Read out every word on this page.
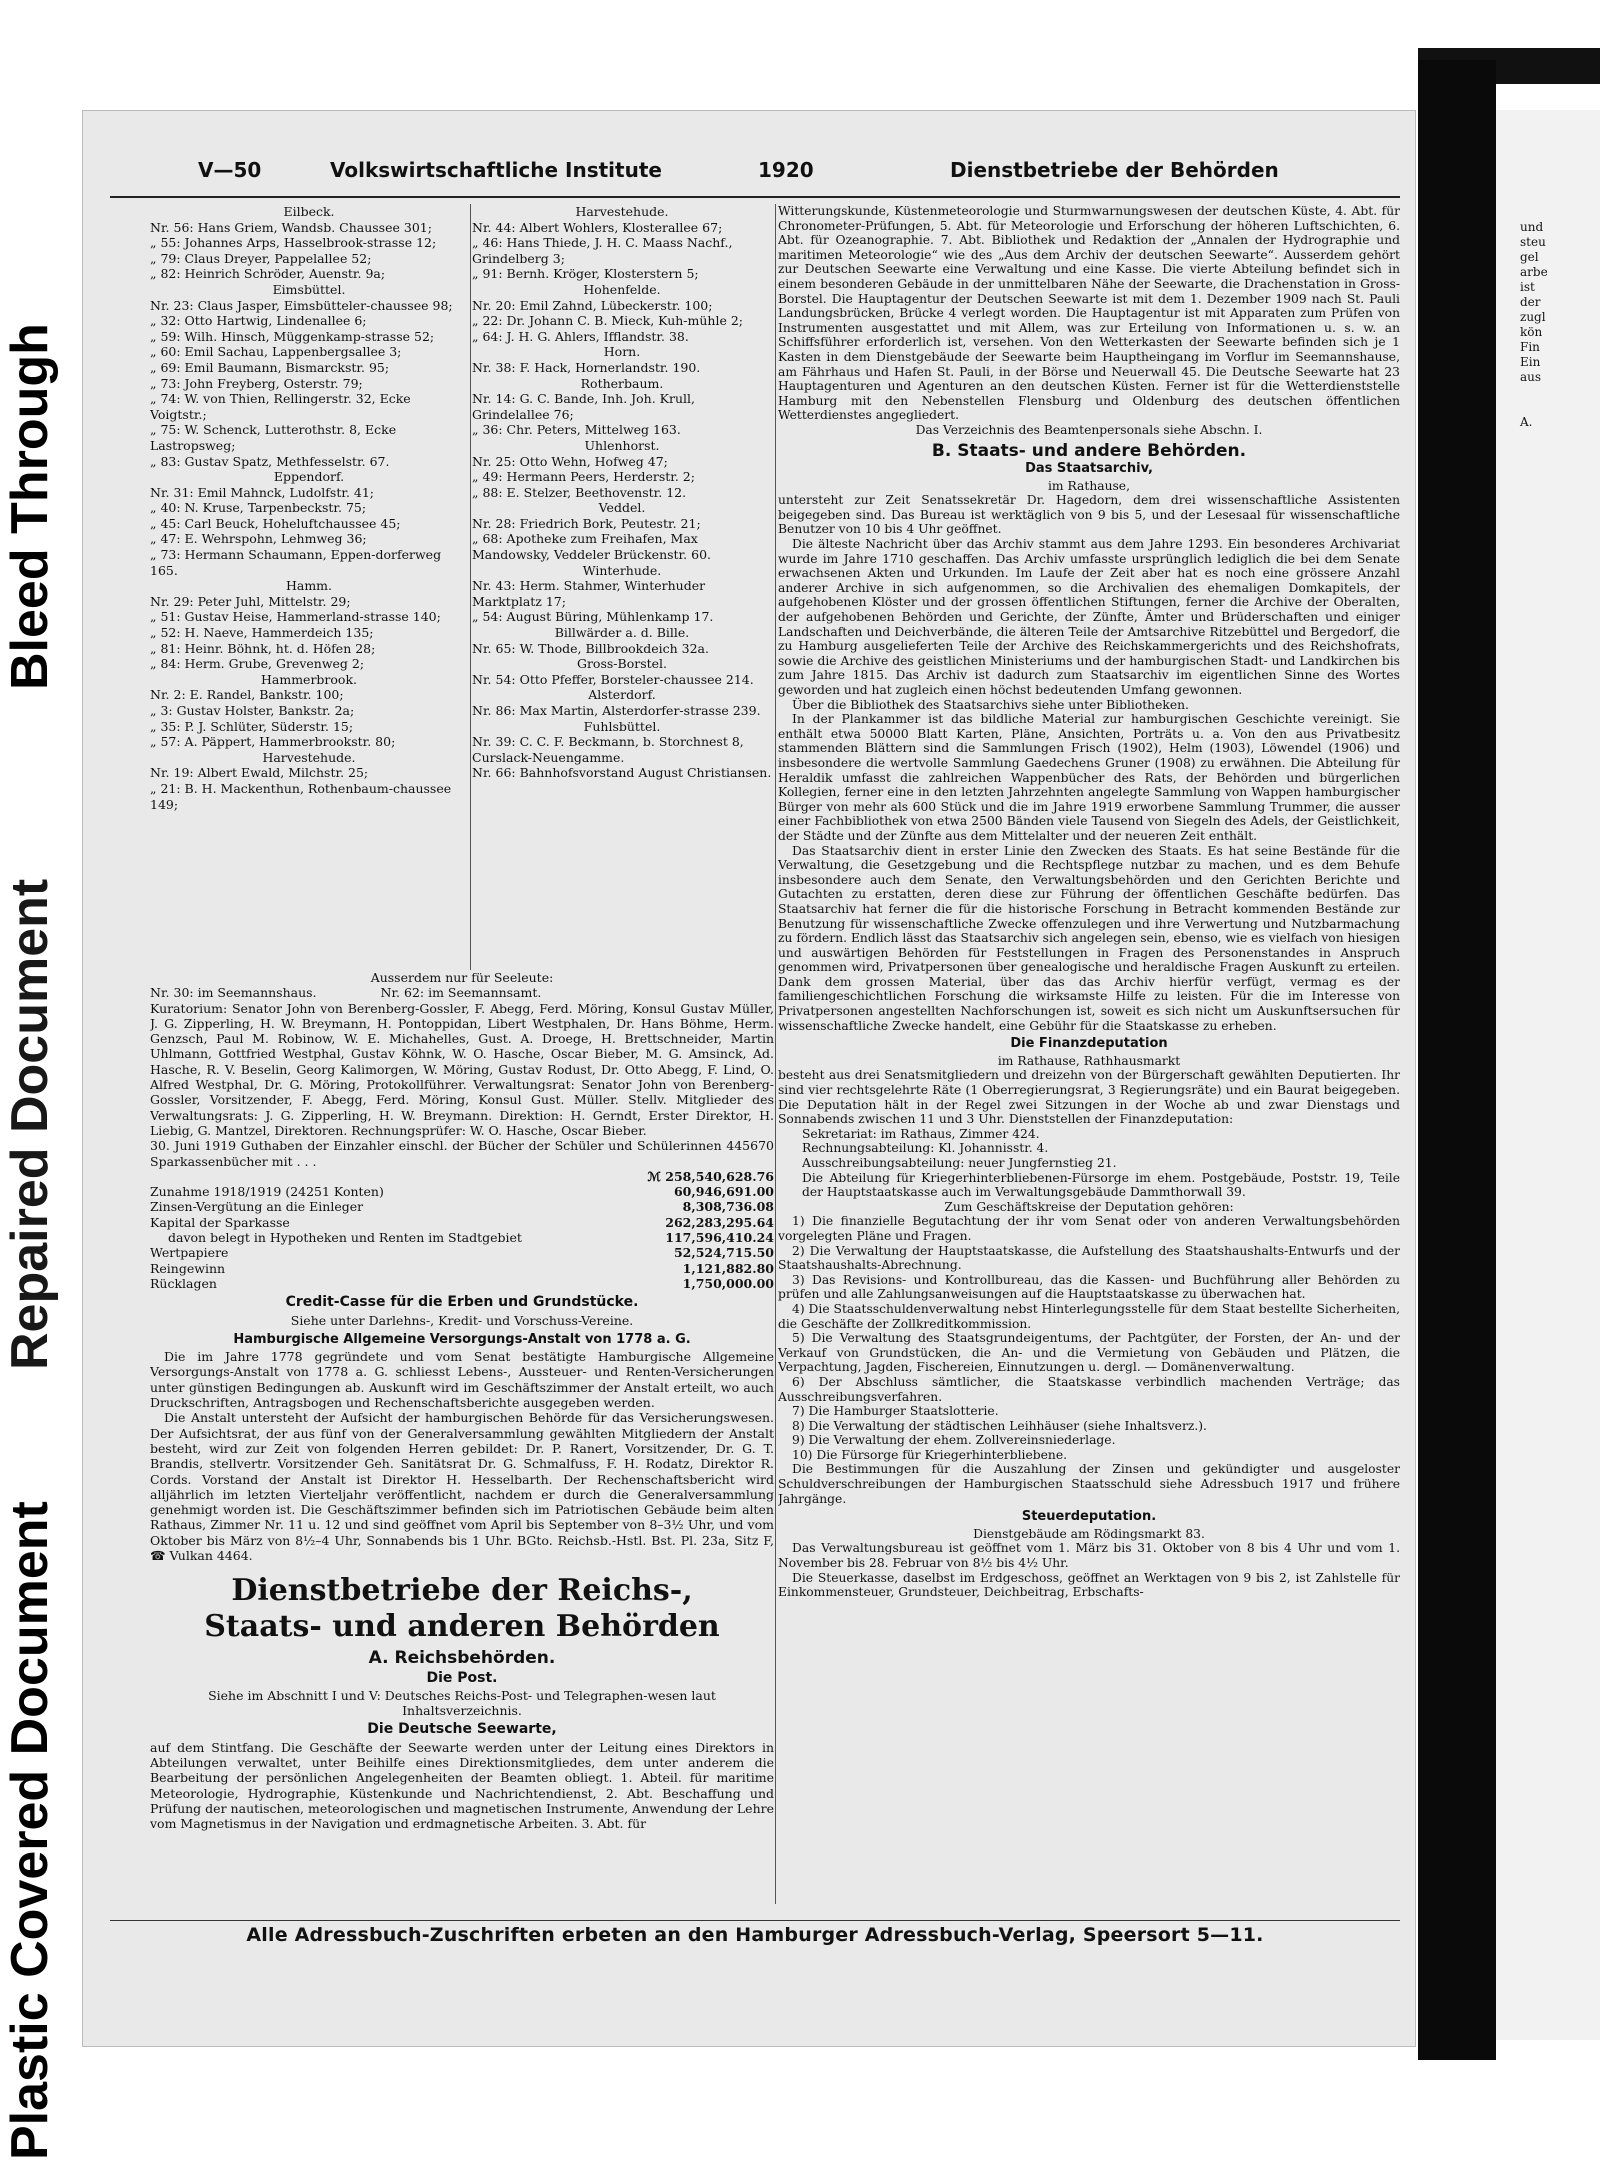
Bleed Through
Repaired Document
Plastic Covered Document

und

steu

gel

arbe

ist

der

zugl

kön

Fin

Ein

aus

A.

V—50	Volkswirtschaftliche Institute	1920	Dienstbetriebe der Behörden

Eilbeck.

Nr. 56: Hans Griem, Wandsb. Chaussee 301;

„ 55: Johannes Arps, Hasselbrook-strasse 12;

„ 79: Claus Dreyer, Pappelallee 52;

„ 82: Heinrich Schröder, Auenstr. 9a;

Eimsbüttel.

Nr. 23: Claus Jasper, Eimsbütteler-chaussee 98;

„ 32: Otto Hartwig, Lindenallee 6;

„ 59: Wilh. Hinsch, Müggenkamp-strasse 52;

„ 60: Emil Sachau, Lappenbergsallee 3;

„ 69: Emil Baumann, Bismarckstr. 95;

„ 73: John Freyberg, Osterstr. 79;

„ 74: W. von Thien, Rellingerstr. 32, Ecke Voigtstr.;

„ 75: W. Schenck, Lutterothstr. 8, Ecke Lastropsweg;

„ 83: Gustav Spatz, Methfesselstr. 67.

Eppendorf.

Nr. 31: Emil Mahnck, Ludolfstr. 41;

„ 40: N. Kruse, Tarpenbeckstr. 75;

„ 45: Carl Beuck, Hoheluftchaussee 45;

„ 47: E. Wehrspohn, Lehmweg 36;

„ 73: Hermann Schaumann, Eppen-dorferweg 165.

Hamm.

Nr. 29: Peter Juhl, Mittelstr. 29;

„ 51: Gustav Heise, Hammerland-strasse 140;

„ 52: H. Naeve, Hammerdeich 135;

„ 81: Heinr. Böhnk, ht. d. Höfen 28;

„ 84: Herm. Grube, Grevenweg 2;

Hammerbrook.

Nr. 2: E. Randel, Bankstr. 100;

„ 3: Gustav Holster, Bankstr. 2a;

„ 35: P. J. Schlüter, Süderstr. 15;

„ 57: A. Päppert, Hammerbrookstr. 80;

Harvestehude.

Nr. 19: Albert Ewald, Milchstr. 25;

„ 21: B. H. Mackenthun, Rothenbaum-chaussee 149;

Harvestehude.

Nr. 44: Albert Wohlers, Klosterallee 67;

„ 46: Hans Thiede, J. H. C. Maass Nachf., Grindelberg 3;

„ 91: Bernh. Kröger, Klosterstern 5;

Hohenfelde.

Nr. 20: Emil Zahnd, Lübeckerstr. 100;

„ 22: Dr. Johann C. B. Mieck, Kuh-mühle 2;

„ 64: J. H. G. Ahlers, Ifflandstr. 38.

Horn.

Nr. 38: F. Hack, Hornerlandstr. 190.

Rotherbaum.

Nr. 14: G. C. Bande, Inh. Joh. Krull, Grindelallee 76;

„ 36: Chr. Peters, Mittelweg 163.

Uhlenhorst.

Nr. 25: Otto Wehn, Hofweg 47;

„ 49: Hermann Peers, Herderstr. 2;

„ 88: E. Stelzer, Beethovenstr. 12.

Veddel.

Nr. 28: Friedrich Bork, Peutestr. 21;

„ 68: Apotheke zum Freihafen, Max Mandowsky, Veddeler Brückenstr. 60.

Winterhude.

Nr. 43: Herm. Stahmer, Winterhuder Marktplatz 17;

„ 54: August Büring, Mühlenkamp 17.

Billwärder a. d. Bille.

Nr. 65: W. Thode, Billbrookdeich 32a.

Gross-Borstel.

Nr. 54: Otto Pfeffer, Borsteler-chaussee 214.

Alsterdorf.

Nr. 86: Max Martin, Alsterdorfer-strasse 239.

Fuhlsbüttel.

Nr. 39: C. C. F. Beckmann, b. Storchnest 8, Curslack-Neuengamme.

Nr. 66: Bahnhofsvorstand August Christiansen.

Ausserdem nur für Seeleute:

Nr. 30: im Seemannshaus.	Nr. 62: im Seemannsamt.

Kuratorium: Senator John von Berenberg-Gossler, F. Abegg, Ferd. Möring, Konsul Gustav Müller, J. G. Zipperling, H. W. Breymann, H. Pontoppidan, Libert Westphalen, Dr. Hans Böhme, Herm. Genzsch, Paul M. Robinow, W. E. Michahelles, Gust. A. Droege, H. Brettschneider, Martin Uhlmann, Gottfried Westphal, Gustav Köhnk, W. O. Hasche, Oscar Bieber, M. G. Amsinck, Ad. Hasche, R. V. Beselin, Georg Kalimorgen, W. Möring, Gustav Rodust, Dr. Otto Abegg, F. Lind, O. Alfred Westphal, Dr. G. Möring, Protokollführer. Verwaltungsrat: Senator John von Berenberg-Gossler, Vorsitzender, F. Abegg, Ferd. Möring, Konsul Gust. Müller. Stellv. Mitglieder des Verwaltungsrats: J. G. Zipperling, H. W. Breymann. Direktion: H. Gerndt, Erster Direktor, H. Liebig, G. Mantzel, Direktoren. Rechnungsprüfer: W. O. Hasche, Oscar Bieber.

30. Juni 1919 Guthaben der Einzahler einschl. der Bücher der Schüler und Schülerinnen 445670 Sparkassenbücher mit . . .

	ℳ 258,540,628.76
Zunahme 1918/1919 (24251 Konten)	60,946,691.00
Zinsen-Vergütung an die Einleger	8,308,736.08
Kapital der Sparkasse	262,283,295.64
davon belegt in Hypotheken und Renten im Stadtgebiet	117,596,410.24
Wertpapiere	52,524,715.50
Reingewinn	1,121,882.80
Rücklagen	1,750,000.00

Credit-Casse für die Erben und Grundstücke.

Siehe unter Darlehns-, Kredit- und Vorschuss-Vereine.

Hamburgische Allgemeine Versorgungs-Anstalt von 1778 a. G.

Die im Jahre 1778 gegründete und vom Senat bestätigte Hamburgische Allgemeine Versorgungs-Anstalt von 1778 a. G. schliesst Lebens-, Aussteuer- und Renten-Versicherungen unter günstigen Bedingungen ab. Auskunft wird im Geschäftszimmer der Anstalt erteilt, wo auch Druckschriften, Antragsbogen und Rechenschaftsberichte ausgegeben werden.

Die Anstalt untersteht der Aufsicht der hamburgischen Behörde für das Versicherungswesen. Der Aufsichtsrat, der aus fünf von der Generalversammlung gewählten Mitgliedern der Anstalt besteht, wird zur Zeit von folgenden Herren gebildet: Dr. P. Ranert, Vorsitzender, Dr. G. T. Brandis, stellvertr. Vorsitzender Geh. Sanitätsrat Dr. G. Schmalfuss, F. H. Rodatz, Direktor R. Cords. Vorstand der Anstalt ist Direktor H. Hesselbarth. Der Rechenschaftsbericht wird alljährlich im letzten Vierteljahr veröffentlicht, nachdem er durch die Generalversammlung genehmigt worden ist. Die Geschäftszimmer befinden sich im Patriotischen Gebäude beim alten Rathaus, Zimmer Nr. 11 u. 12 und sind geöffnet vom April bis September von 8–3½ Uhr, und vom Oktober bis März von 8½–4 Uhr, Sonnabends bis 1 Uhr. BGto. Reichsb.-Hstl. Bst. Pl. 23a, Sitz F, ☎ Vulkan 4464.

Dienstbetriebe der Reichs-,
Staats- und anderen Behörden

A. Reichsbehörden.

Die Post.

Siehe im Abschnitt I und V: Deutsches Reichs-Post- und Telegraphen-wesen laut Inhaltsverzeichnis.

Die Deutsche Seewarte,

auf dem Stintfang. Die Geschäfte der Seewarte werden unter der Leitung eines Direktors in Abteilungen verwaltet, unter Beihilfe eines Direktionsmitgliedes, dem unter anderem die Bearbeitung der persönlichen Angelegenheiten der Beamten obliegt. 1. Abteil. für maritime Meteorologie, Hydrographie, Küstenkunde und Nachrichtendienst, 2. Abt. Beschaffung und Prüfung der nautischen, meteorologischen und magnetischen Instrumente, Anwendung der Lehre vom Magnetismus in der Navigation und erdmagnetische Arbeiten. 3. Abt. für

Witterungskunde, Küstenmeteorologie und Sturmwarnungswesen der deutschen Küste, 4. Abt. für Chronometer-Prüfungen, 5. Abt. für Meteorologie und Erforschung der höheren Luftschichten, 6. Abt. für Ozeanographie. 7. Abt. Bibliothek und Redaktion der „Annalen der Hydrographie und maritimen Meteorologie“ wie des „Aus dem Archiv der deutschen Seewarte“. Ausserdem gehört zur Deutschen Seewarte eine Verwaltung und eine Kasse. Die vierte Abteilung befindet sich in einem besonderen Gebäude in der unmittelbaren Nähe der Seewarte, die Drachenstation in Gross-Borstel. Die Hauptagentur der Deutschen Seewarte ist mit dem 1. Dezember 1909 nach St. Pauli Landungsbrücken, Brücke 4 verlegt worden. Die Hauptagentur ist mit Apparaten zum Prüfen von Instrumenten ausgestattet und mit Allem, was zur Erteilung von Informationen u. s. w. an Schiffsführer erforderlich ist, versehen. Von den Wetterkasten der Seewarte befinden sich je 1 Kasten in dem Dienstgebäude der Seewarte beim Hauptheingang im Vorflur im Seemannshause, am Fährhaus und Hafen St. Pauli, in der Börse und Neuerwall 45. Die Deutsche Seewarte hat 23 Hauptagenturen und Agenturen an den deutschen Küsten. Ferner ist für die Wetterdienststelle Hamburg mit den Nebenstellen Flensburg und Oldenburg des deutschen öffentlichen Wetterdienstes angegliedert.

Das Verzeichnis des Beamtenpersonals siehe Abschn. I.

B. Staats- und andere Behörden.

Das Staatsarchiv,

im Rathause,

untersteht zur Zeit Senatssekretär Dr. Hagedorn, dem drei wissenschaftliche Assistenten beigegeben sind. Das Bureau ist werktäglich von 9 bis 5, und der Lesesaal für wissenschaftliche Benutzer von 10 bis 4 Uhr geöffnet.

Die älteste Nachricht über das Archiv stammt aus dem Jahre 1293. Ein besonderes Archivariat wurde im Jahre 1710 geschaffen. Das Archiv umfasste ursprünglich lediglich die bei dem Senate erwachsenen Akten und Urkunden. Im Laufe der Zeit aber hat es noch eine grössere Anzahl anderer Archive in sich aufgenommen, so die Archivalien des ehemaligen Domkapitels, der aufgehobenen Klöster und der grossen öffentlichen Stiftungen, ferner die Archive der Oberalten, der aufgehobenen Behörden und Gerichte, der Zünfte, Ämter und Brüderschaften und einiger Landschaften und Deichverbände, die älteren Teile der Amtsarchive Ritzebüttel und Bergedorf, die zu Hamburg ausgelieferten Teile der Archive des Reichskammergerichts und des Reichshofrats, sowie die Archive des geistlichen Ministeriums und der hamburgischen Stadt- und Landkirchen bis zum Jahre 1815. Das Archiv ist dadurch zum Staatsarchiv im eigentlichen Sinne des Wortes geworden und hat zugleich einen höchst bedeutenden Umfang gewonnen.

Über die Bibliothek des Staatsarchivs siehe unter Bibliotheken.

In der Plankammer ist das bildliche Material zur hamburgischen Geschichte vereinigt. Sie enthält etwa 50000 Blatt Karten, Pläne, Ansichten, Porträts u. a. Von den aus Privatbesitz stammenden Blättern sind die Sammlungen Frisch (1902), Helm (1903), Löwendel (1906) und insbesondere die wertvolle Sammlung Gaedechens Gruner (1908) zu erwähnen. Die Abteilung für Heraldik umfasst die zahlreichen Wappenbücher des Rats, der Behörden und bürgerlichen Kollegien, ferner eine in den letzten Jahrzehnten angelegte Sammlung von Wappen hamburgischer Bürger von mehr als 600 Stück und die im Jahre 1919 erworbene Sammlung Trummer, die ausser einer Fachbibliothek von etwa 2500 Bänden viele Tausend von Siegeln des Adels, der Geistlichkeit, der Städte und der Zünfte aus dem Mittelalter und der neueren Zeit enthält.

Das Staatsarchiv dient in erster Linie den Zwecken des Staats. Es hat seine Bestände für die Verwaltung, die Gesetzgebung und die Rechtspflege nutzbar zu machen, und es dem Behufe insbesondere auch dem Senate, den Verwaltungsbehörden und den Gerichten Berichte und Gutachten zu erstatten, deren diese zur Führung der öffentlichen Geschäfte bedürfen. Das Staatsarchiv hat ferner die für die historische Forschung in Betracht kommenden Bestände zur Benutzung für wissenschaftliche Zwecke offenzulegen und ihre Verwertung und Nutzbarmachung zu fördern. Endlich lässt das Staatsarchiv sich angelegen sein, ebenso, wie es vielfach von hiesigen und auswärtigen Behörden für Feststellungen in Fragen des Personenstandes in Anspruch genommen wird, Privatpersonen über genealogische und heraldische Fragen Auskunft zu erteilen. Dank dem grossen Material, über das das Archiv hierfür verfügt, vermag es der familiengeschichtlichen Forschung die wirksamste Hilfe zu leisten. Für die im Interesse von Privatpersonen angestellten Nachforschungen ist, soweit es sich nicht um Auskunftsersuchen für wissenschaftliche Zwecke handelt, eine Gebühr für die Staatskasse zu erheben.

Die Finanzdeputation

im Rathause, Rathhausmarkt

besteht aus drei Senatsmitgliedern und dreizehn von der Bürgerschaft gewählten Deputierten. Ihr sind vier rechtsgelehrte Räte (1 Oberregierungsrat, 3 Regierungsräte) und ein Baurat beigegeben. Die Deputation hält in der Regel zwei Sitzungen in der Woche ab und zwar Dienstags und Sonnabends zwischen 11 und 3 Uhr. Dienststellen der Finanzdeputation:

Sekretariat: im Rathaus, Zimmer 424.

Rechnungsabteilung: Kl. Johannisstr. 4.

Ausschreibungsabteilung: neuer Jungfernstieg 21.

Die Abteilung für Kriegerhinterbliebenen-Fürsorge im ehem. Postgebäude, Poststr. 19, Teile der Hauptstaatskasse auch im Verwaltungsgebäude Dammthorwall 39.

Zum Geschäftskreise der Deputation gehören:

1) Die finanzielle Begutachtung der ihr vom Senat oder von anderen Verwaltungsbehörden vorgelegten Pläne und Fragen.

2) Die Verwaltung der Hauptstaatskasse, die Aufstellung des Staatshaushalts-Entwurfs und der Staatshaushalts-Abrechnung.

3) Das Revisions- und Kontrollbureau, das die Kassen- und Buchführung aller Behörden zu prüfen und alle Zahlungsanweisungen auf die Hauptstaatskasse zu überwachen hat.

4) Die Staatsschuldenverwaltung nebst Hinterlegungsstelle für dem Staat bestellte Sicherheiten, die Geschäfte der Zollkreditkommission.

5) Die Verwaltung des Staatsgrundeigentums, der Pachtgüter, der Forsten, der An- und der Verkauf von Grundstücken, die An- und die Vermietung von Gebäuden und Plätzen, die Verpachtung, Jagden, Fischereien, Einnutzungen u. dergl. — Domänenverwaltung.

6) Der Abschluss sämtlicher, die Staatskasse verbindlich machenden Verträge; das Ausschreibungsverfahren.

7) Die Hamburger Staatslotterie.

8) Die Verwaltung der städtischen Leihhäuser (siehe Inhaltsverz.).

9) Die Verwaltung der ehem. Zollvereinsniederlage.

10) Die Fürsorge für Kriegerhinterbliebene.

Die Bestimmungen für die Auszahlung der Zinsen und gekündigter und ausgeloster Schuldverschreibungen der Hamburgischen Staatsschuld siehe Adressbuch 1917 und frühere Jahrgänge.

Steuerdeputation.

Dienstgebäude am Rödingsmarkt 83.

Das Verwaltungsbureau ist geöffnet vom 1. März bis 31. Oktober von 8 bis 4 Uhr und vom 1. November bis 28. Februar von 8½ bis 4½ Uhr.

Die Steuerkasse, daselbst im Erdgeschoss, geöffnet an Werktagen von 9 bis 2, ist Zahlstelle für Einkommensteuer, Grundsteuer, Deichbeitrag, Erbschafts-

Alle Adressbuch-Zuschriften erbeten an den Hamburger Adressbuch-Verlag, Speersort 5—11.
